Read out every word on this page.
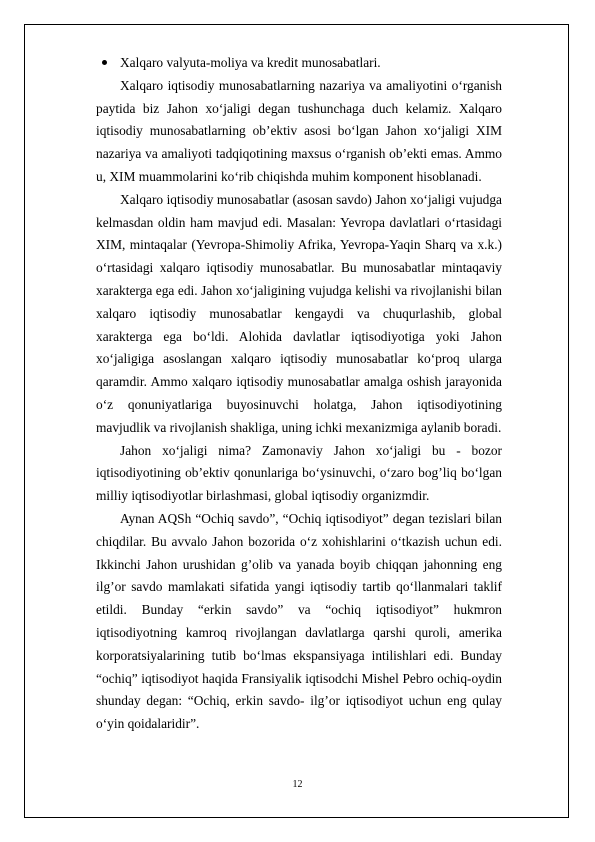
Xalqaro valyuta-moliya va kredit munosabatlari.

Xalqaro iqtisodiy munosabatlarning nazariya va amaliyotini o‘rganish paytida biz Jahon xo‘jaligi degan tushunchaga duch kelamiz. Xalqaro iqtisodiy munosabatlarning ob’ektiv asosi bo‘lgan Jahon xo‘jaligi XIM nazariya va amaliyoti tadqiqotining maxsus o‘rganish ob’ekti emas. Ammo u, XIM muammolarini ko‘rib chiqishda muhim komponent hisoblanadi.

Xalqaro iqtisodiy munosabatlar (asosan savdo) Jahon xo‘jaligi vujudga kelmasdan oldin ham mavjud edi. Masalan: Yevropa davlatlari o‘rtasidagi XIM, mintaqalar (Yevropa-Shimoliy Afrika, Yevropa-Yaqin Sharq va x.k.) o‘rtasidagi xalqaro iqtisodiy munosabatlar. Bu munosabatlar mintaqaviy xarakterga ega edi. Jahon xo‘jaligining vujudga kelishi va rivojlanishi bilan xalqaro iqtisodiy munosabatlar kengaydi va chuqurlashib, global xarakterga ega bo‘ldi. Alohida davlatlar iqtisodiyotiga yoki Jahon xo‘jaligiga asoslangan xalqaro iqtisodiy munosabatlar ko‘proq ularga qaramdir. Ammo xalqaro iqtisodiy munosabatlar amalga oshish jarayonida o‘z qonuniyatlariga buyosinuvchi holatga, Jahon iqtisodiyotining mavjudlik va rivojlanish shakliga, uning ichki mexanizmiga aylanib boradi.

Jahon xo‘jaligi nima? Zamonaviy Jahon xo‘jaligi bu - bozor iqtisodiyotining ob’ektiv qonunlariga bo‘ysinuvchi, o‘zaro bog’liq bo‘lgan milliy iqtisodiyotlar birlashmasi, global iqtisodiy organizmdir.

Aynan AQSh “Ochiq savdo”, “Ochiq iqtisodiyot” degan tezislari bilan chiqdilar. Bu avvalo Jahon bozorida o‘z xohishlarini o‘tkazish uchun edi. Ikkinchi Jahon urushidan g’olib va yanada boyib chiqqan jahonning eng ilg’or savdo mamlakati sifatida yangi iqtisodiy tartib qo‘llanmalari taklif etildi. Bunday “erkin savdo” va “ochiq iqtisodiyot” hukmron iqtisodiyotning kamroq rivojlangan davlatlarga qarshi quroli, amerika korporatsiyalarining tutib bo‘lmas ekspansiyaga intilishlari edi. Bunday “ochiq” iqtisodiyot haqida Fransiyalik iqtisodchi Mishel Pebro ochiq-oydin shunday degan: “Ochiq, erkin savdo- ilg’or iqtisodiyot uchun eng qulay o‘yin qoidalaridir”.

12
